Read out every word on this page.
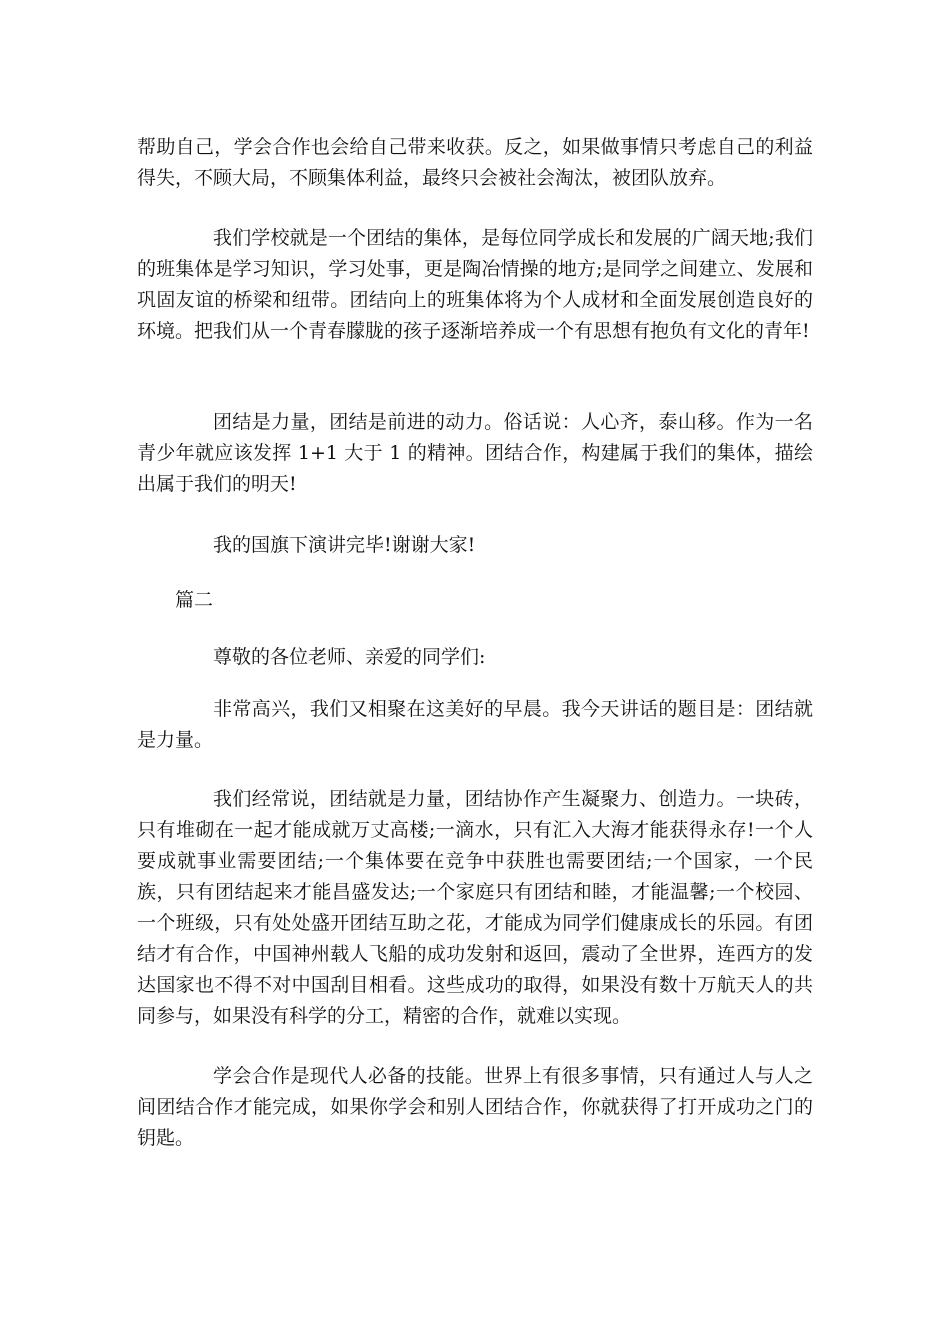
帮助自己，学会合作也会给自己带来收获。反之，如果做事情只考虑自己的利益得失，不顾大局，不顾集体利益，最终只会被社会淘汰，被团队放弃。

我们学校就是一个团结的集体，是每位同学成长和发展的广阔天地;我们的班集体是学习知识，学习处事，更是陶冶情操的地方;是同学之间建立、发展和巩固友谊的桥梁和纽带。团结向上的班集体将为个人成材和全面发展创造良好的环境。把我们从一个青春朦胧的孩子逐渐培养成一个有思想有抱负有文化的青年!

团结是力量，团结是前进的动力。俗话说：人心齐，泰山移。作为一名青少年就应该发挥 1+1 大于 1 的精神。团结合作，构建属于我们的集体，描绘出属于我们的明天!

我的国旗下演讲完毕!谢谢大家!

篇二

尊敬的各位老师、亲爱的同学们:

非常高兴，我们又相聚在这美好的早晨。我今天讲话的题目是：团结就是力量。

我们经常说，团结就是力量，团结协作产生凝聚力、创造力。一块砖，只有堆砌在一起才能成就万丈高楼;一滴水，只有汇入大海才能获得永存!一个人要成就事业需要团结;一个集体要在竞争中获胜也需要团结;一个国家，一个民族，只有团结起来才能昌盛发达;一个家庭只有团结和睦，才能温馨;一个校园、一个班级，只有处处盛开团结互助之花，才能成为同学们健康成长的乐园。有团结才有合作，中国神州载人飞船的成功发射和返回，震动了全世界，连西方的发达国家也不得不对中国刮目相看。这些成功的取得，如果没有数十万航天人的共同参与，如果没有科学的分工，精密的合作，就难以实现。

学会合作是现代人必备的技能。世界上有很多事情，只有通过人与人之间团结合作才能完成，如果你学会和别人团结合作，你就获得了打开成功之门的钥匙。
